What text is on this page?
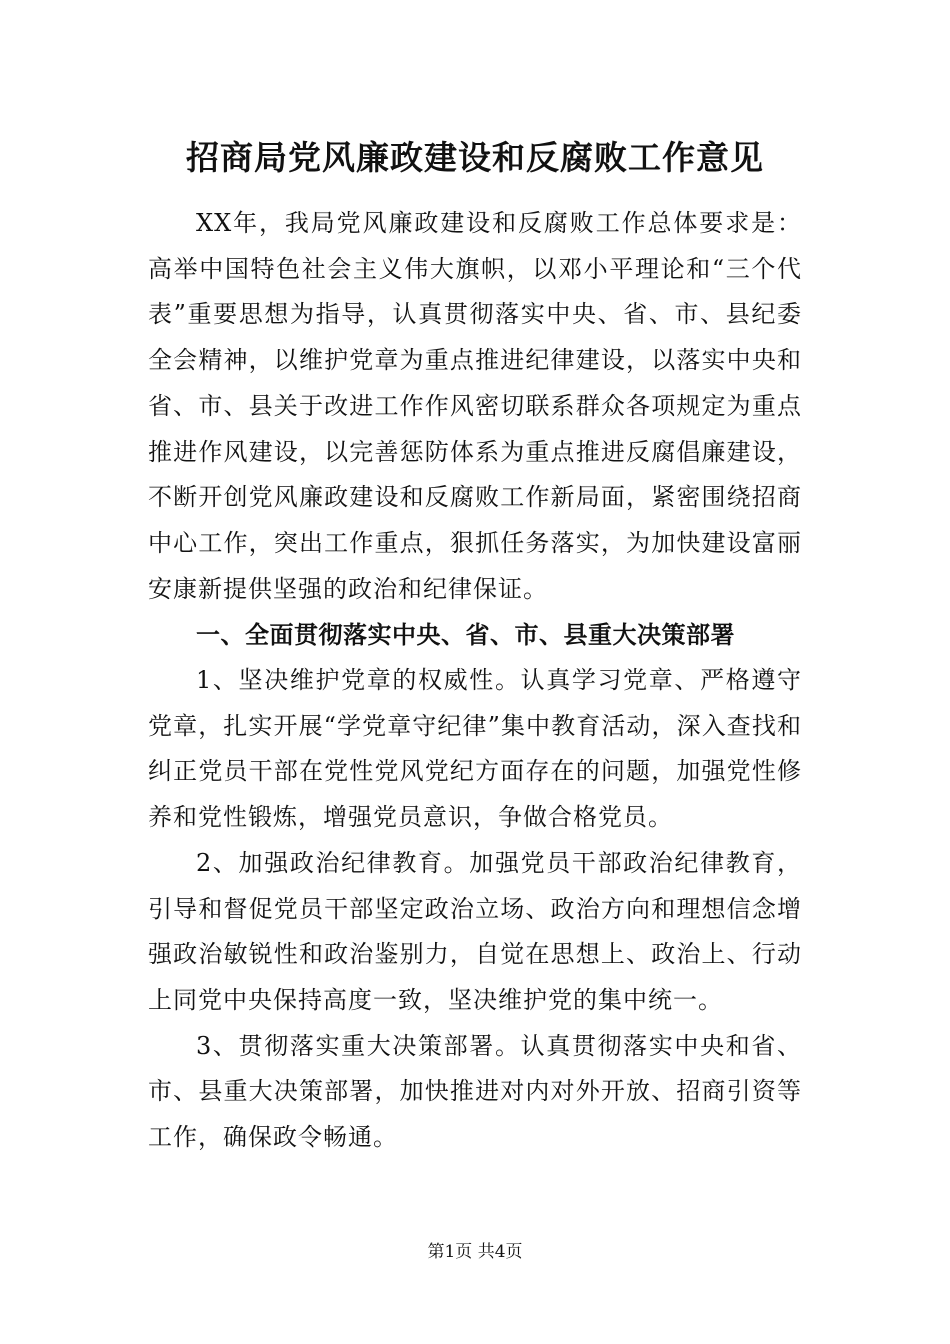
招商局党风廉政建设和反腐败工作意见

XX年，我局党风廉政建设和反腐败工作总体要求是：高举中国特色社会主义伟大旗帜，以邓小平理论和“三个代表”重要思想为指导，认真贯彻落实中央、省、市、县纪委全会精神，以维护党章为重点推进纪律建设，以落实中央和省、市、县关于改进工作作风密切联系群众各项规定为重点推进作风建设，以完善惩防体系为重点推进反腐倡廉建设，不断开创党风廉政建设和反腐败工作新局面，紧密围绕招商中心工作，突出工作重点，狠抓任务落实，为加快建设富丽安康新提供坚强的政治和纪律保证。

一、全面贯彻落实中央、省、市、县重大决策部署

1、坚决维护党章的权威性。认真学习党章、严格遵守党章，扎实开展“学党章守纪律”集中教育活动，深入查找和纠正党员干部在党性党风党纪方面存在的问题，加强党性修养和党性锻炼，增强党员意识，争做合格党员。

2、加强政治纪律教育。加强党员干部政治纪律教育，引导和督促党员干部坚定政治立场、政治方向和理想信念增强政治敏锐性和政治鉴别力，自觉在思想上、政治上、行动上同党中央保持高度一致，坚决维护党的集中统一。

3、贯彻落实重大决策部署。认真贯彻落实中央和省、市、县重大决策部署，加快推进对内对外开放、招商引资等工作，确保政令畅通。

第1页 共4页
